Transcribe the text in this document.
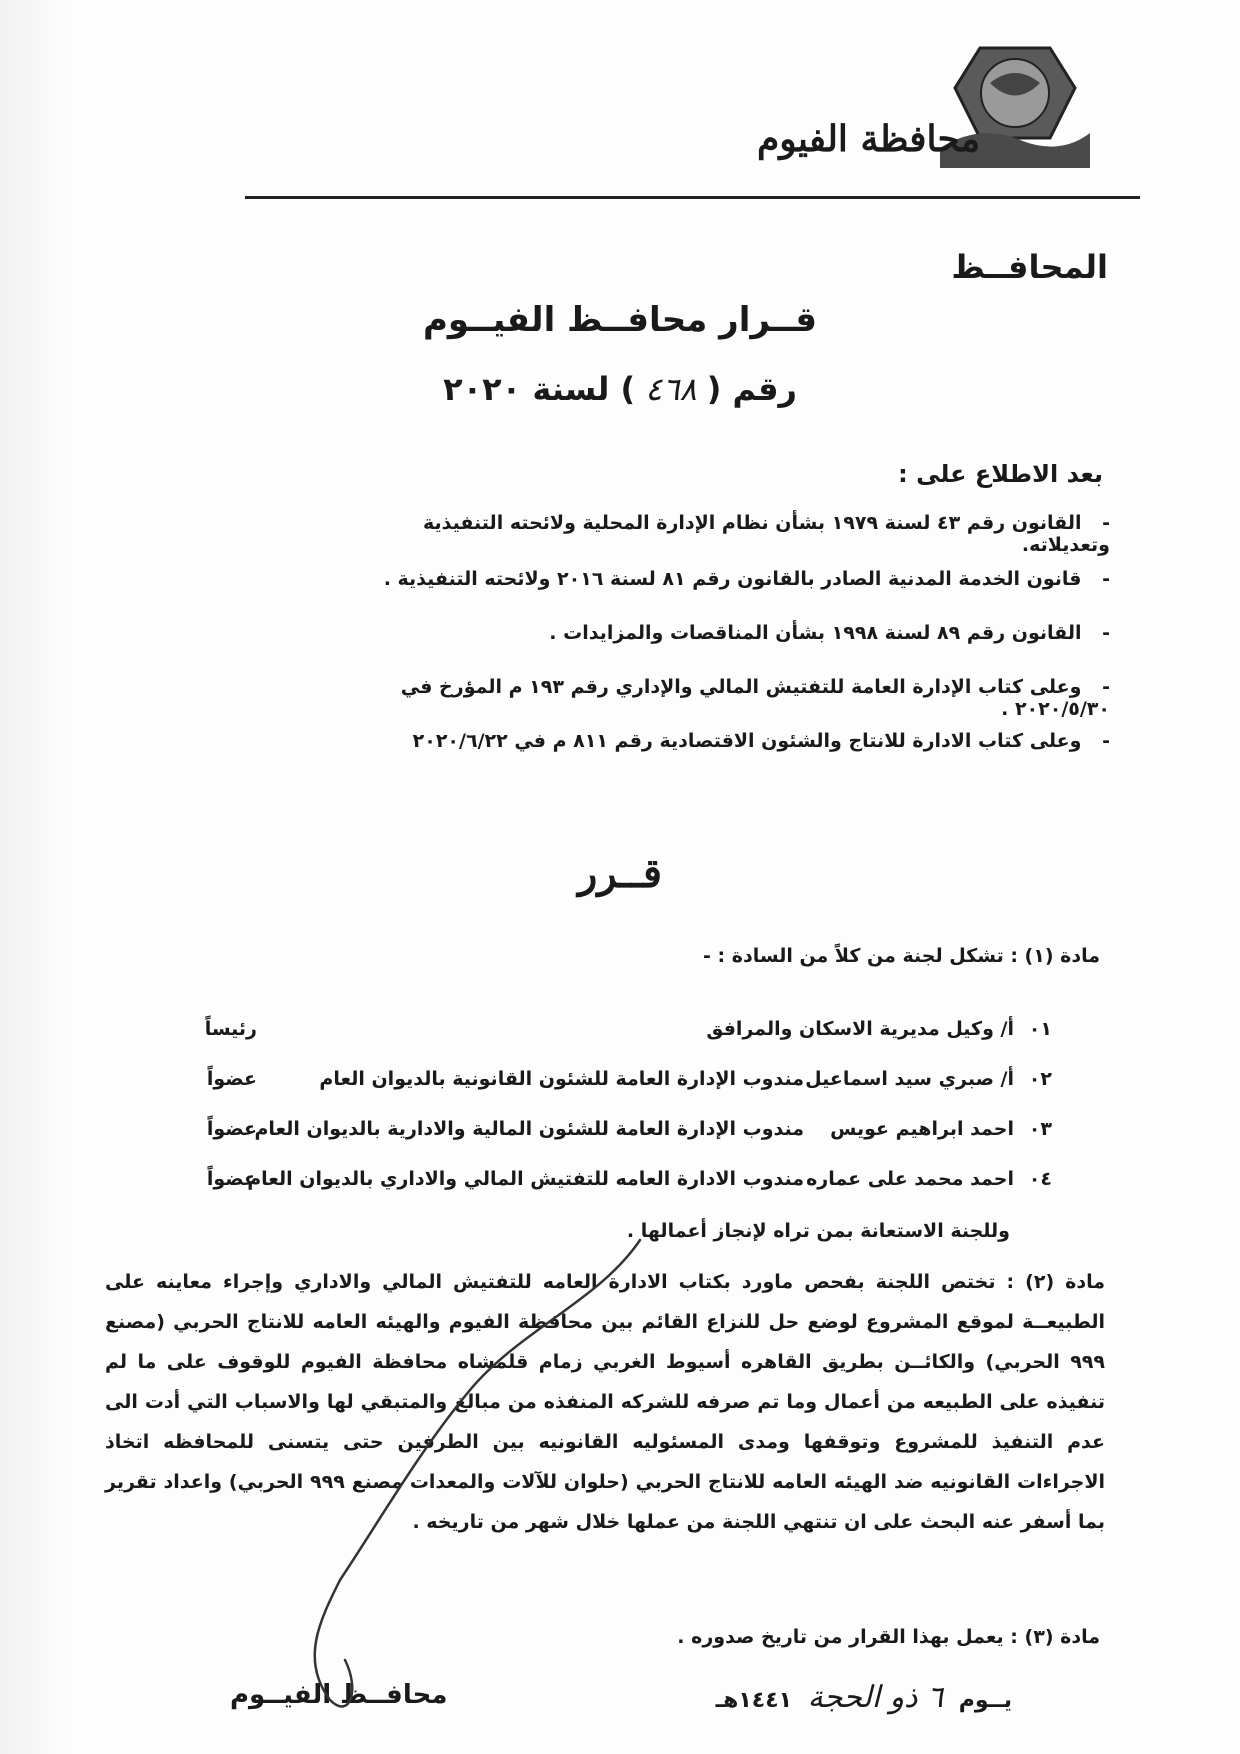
محافظة الفيوم
المحافــظ
قــرار محافــظ الفيــوم
رقم (٤٦٨) لسنة ٢٠٢٠
بعد الاطلاع على :
- القانون رقم ٤٣ لسنة ١٩٧٩ بشأن نظام الإدارة المحلية ولائحته التنفيذية وتعديلاته.
- قانون الخدمة المدنية الصادر بالقانون رقم ٨١ لسنة ٢٠١٦ ولائحته التنفيذية .
- القانون رقم ٨٩ لسنة ١٩٩٨ بشأن المناقصات والمزايدات .
- وعلى كتاب الإدارة العامة للتفتيش المالي والإداري رقم ١٩٣ م المؤرخ في ٢٠٢٠/٥/٣٠ .
- وعلى كتاب الادارة للانتاج والشئون الاقتصادية رقم ٨١١ م في ٢٠٢٠/٦/٢٢
قــرر
مادة (١) : تشكل لجنة من كلاً من السادة : -
٠١
أ/ وكيل مديرية الاسكان والمرافق
رئيساً
٠٢
أ/ صبري سيد اسماعيل
مندوب الإدارة العامة للشئون القانونية بالديوان العام
عضواً
٠٣
احمد ابراهيم عويس
مندوب الإدارة العامة للشئون المالية والادارية بالديوان العام
عضواً
٠٤
احمد محمد على عماره
مندوب الادارة العامه للتفتيش المالي والاداري بالديوان العام
عضواً
وللجنة الاستعانة بمن تراه لإنجاز أعمالها .
مادة (٢) : تختص اللجنة بفحص ماورد بكتاب الادارة العامه للتفتيش المالي والاداري وإجراء معاينه على الطبيعــة لموقع المشروع لوضع حل للنزاع القائم بين محافظة الفيوم والهيئه العامه للانتاج الحربي (مصنع ٩٩٩ الحربي) والكائــن بطريق القاهره أسيوط الغربي زمام قلمشاه محافظة الفيوم للوقوف على ما لم تنفيذه على الطبيعه من أعمال وما تم صرفه للشركه المنفذه من مبالغ والمتبقي لها والاسباب التي أدت الى عدم التنفيذ للمشروع وتوقفها ومدى المسئوليه القانونيه بين الطرفين حتى يتسنى للمحافظه اتخاذ الاجراءات القانونيه ضد الهيئه العامه للانتاج الحربي (حلوان للآلات والمعدات مصنع ٩٩٩ الحربي) واعداد تقرير بما أسفر عنه البحث على ان تنتهي اللجنة من عملها خلال شهر من تاريخه .
مادة (٣) : يعمل بهذا القرار من تاريخ صدوره .
يــوم ٦ ذو الحجة ١٤٤١هـ
محافــظ الفيــوم
